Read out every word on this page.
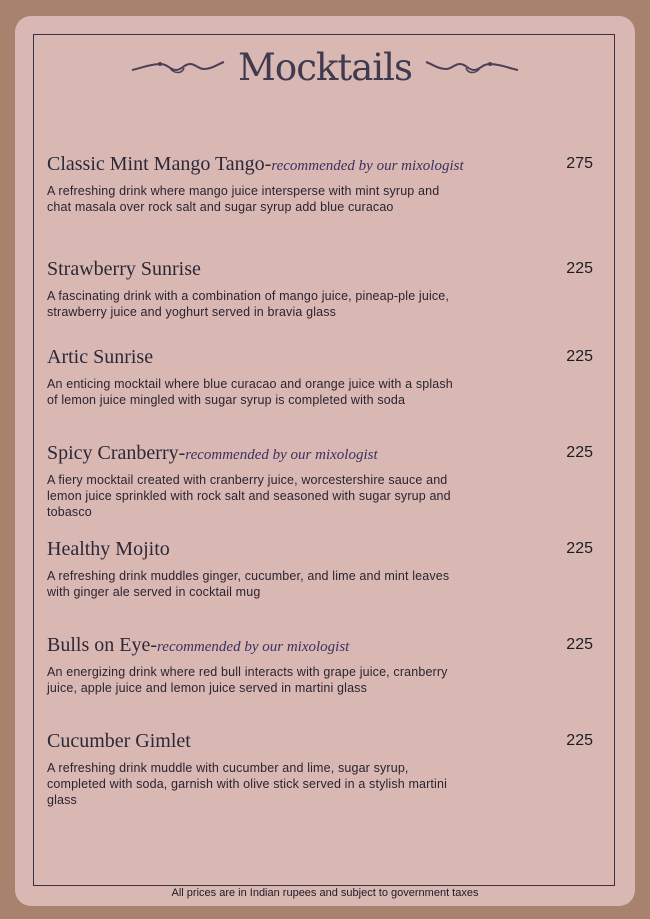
Mocktails
Classic Mint Mango Tango-recommended by our mixologist	275
A refreshing drink where mango juice intersperse with mint syrup and chat masala over rock salt and sugar syrup add blue curacao
Strawberry Sunrise	225
A fascinating drink with a combination of mango juice, pineap-ple juice, strawberry juice and yoghurt served in bravia glass
Artic Sunrise	225
An enticing mocktail where blue curacao and orange juice with a splash of lemon juice mingled with sugar syrup is completed with soda
Spicy Cranberry-recommended by our mixologist	225
A fiery mocktail created with cranberry juice, worcestershire sauce and lemon juice sprinkled with rock salt and seasoned with sugar syrup and tobasco
Healthy Mojito	225
A refreshing drink muddles ginger, cucumber, and lime and mint leaves with ginger ale served in cocktail mug
Bulls on Eye-recommended by our mixologist	225
An energizing drink where red bull interacts with grape juice, cranberry juice, apple juice and lemon juice served in martini glass
Cucumber Gimlet	225
A refreshing drink muddle with cucumber and lime, sugar syrup, completed with soda, garnish with olive stick served in a stylish martini glass
All prices are in Indian rupees and subject to government taxes
